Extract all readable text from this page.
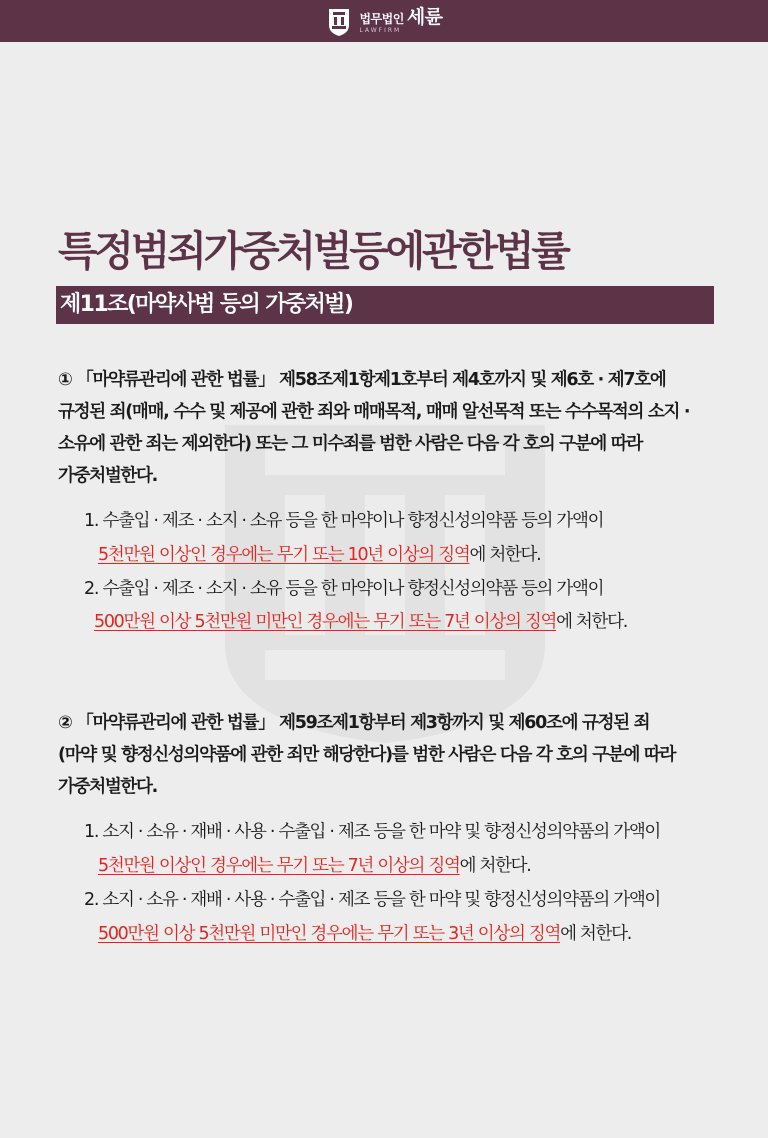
법무법인 세륜
LAWFIRM
특정범죄가중처벌등에관한법률
제11조(마약사범 등의 가중처벌)

① 「마약류관리에 관한 법률」 제58조제1항제1호부터 제4호까지 및 제6호 · 제7호에

규정된 죄(매매, 수수 및 제공에 관한 죄와 매매목적, 매매 알선목적 또는 수수목적의 소지 ·

소유에 관한 죄는 제외한다) 또는 그 미수죄를 범한 사람은 다음 각 호의 구분에 따라

가중처벌한다.

1. 수출입 · 제조 · 소지 · 소유 등을 한 마약이나 향정신성의약품 등의 가액이
5천만원 이상인 경우에는 무기 또는 10년 이상의 징역에 처한다.
2. 수출입 · 제조 · 소지 · 소유 등을 한 마약이나 향정신성의약품 등의 가액이
500만원 이상 5천만원 미만인 경우에는 무기 또는 7년 이상의 징역에 처한다.

② 「마약류관리에 관한 법률」 제59조제1항부터 제3항까지 및 제60조에 규정된 죄

(마약 및 향정신성의약품에 관한 죄만 해당한다)를 범한 사람은 다음 각 호의 구분에 따라

가중처벌한다.

1. 소지 · 소유 · 재배 · 사용 · 수출입 · 제조 등을 한 마약 및 향정신성의약품의 가액이
5천만원 이상인 경우에는 무기 또는 7년 이상의 징역에 처한다.
2. 소지 · 소유 · 재배 · 사용 · 수출입 · 제조 등을 한 마약 및 향정신성의약품의 가액이
500만원 이상 5천만원 미만인 경우에는 무기 또는 3년 이상의 징역에 처한다.
